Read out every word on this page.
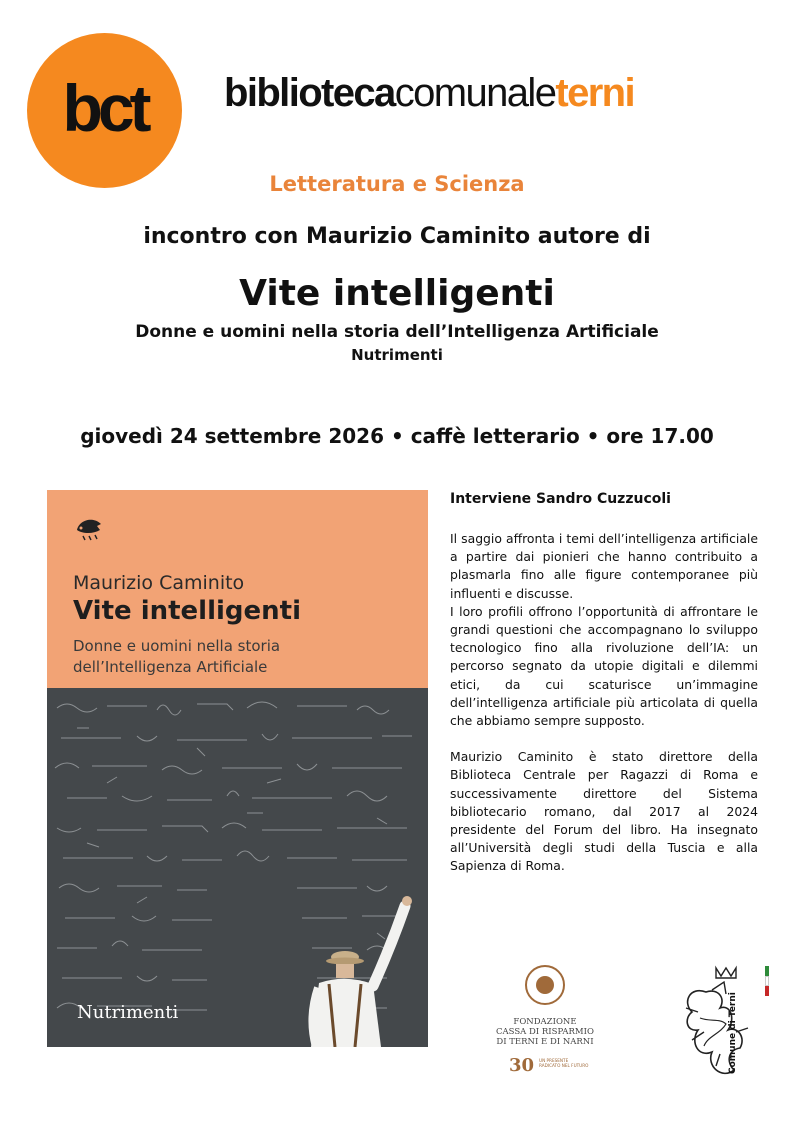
bct	bibliotecacomunaleterni
Letteratura e Scienza
incontro con Maurizio Caminito autore di
Vite intelligenti
Donne e uomini nella storia dell’Intelligenza Artificiale
Nutrimenti
giovedì 24 settembre 2026 • caffè letterario • ore 17.00
Maurizio Caminito
Vite intelligenti
Donne e uomini nella storia dell’Intelligenza Artificiale
Nutrimenti
Interviene Sandro Cuzzucoli

Il saggio affronta i temi dell’intelligenza artificiale a partire dai pionieri che hanno contribuito a plasmarla fino alle figure contemporanee più influenti e discusse.

I loro profili offrono l’opportunità di affrontare le grandi questioni che accompagnano lo sviluppo tecnologico fino alla rivoluzione dell’IA: un percorso segnato da utopie digitali e dilemmi etici, da cui scaturisce un’immagine dell’intelligenza artificiale più articolata di quella che abbiamo sempre supposto.

Maurizio Caminito è stato direttore della Biblioteca Centrale per Ragazzi di Roma e successivamente direttore del Sistema bibliotecario romano, dal 2017 al 2024 presidente del Forum del libro. Ha insegnato all’Università degli studi della Tuscia e alla Sapienza di Roma.

FONDAZIONE
CASSA DI RISPARMIO
DI TERNI E DI NARNI
30 UN PRESENTE RADICATO NEL FUTURO	Comune di Terni
